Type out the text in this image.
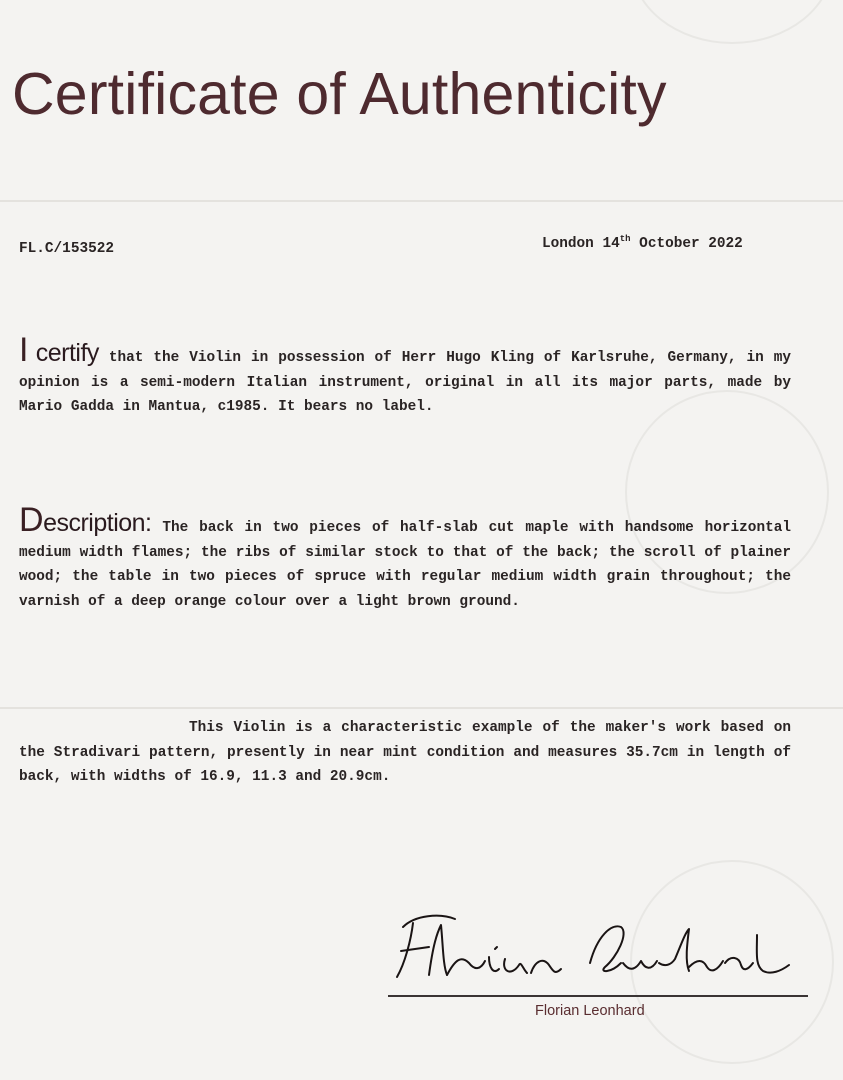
Certificate of Authenticity
FL.C/153522	London 14th October 2022

I certify that the Violin in possession of Herr Hugo Kling of Karlsruhe, Germany, in my opinion is a semi-modern Italian instrument, original in all its major parts, made by Mario Gadda in Mantua, c1985. It bears no label.

Description: The back in two pieces of half-slab cut maple with handsome horizontal medium width flames; the ribs of similar stock to that of the back; the scroll of plainer wood; the table in two pieces of spruce with regular medium width grain throughout; the varnish of a deep orange colour over a light brown ground.

This Violin is a characteristic example of the maker's work based on the Stradivari pattern, presently in near mint condition and measures 35.7cm in length of back, with widths of 16.9, 11.3 and 20.9cm.

Florian Leonhard
